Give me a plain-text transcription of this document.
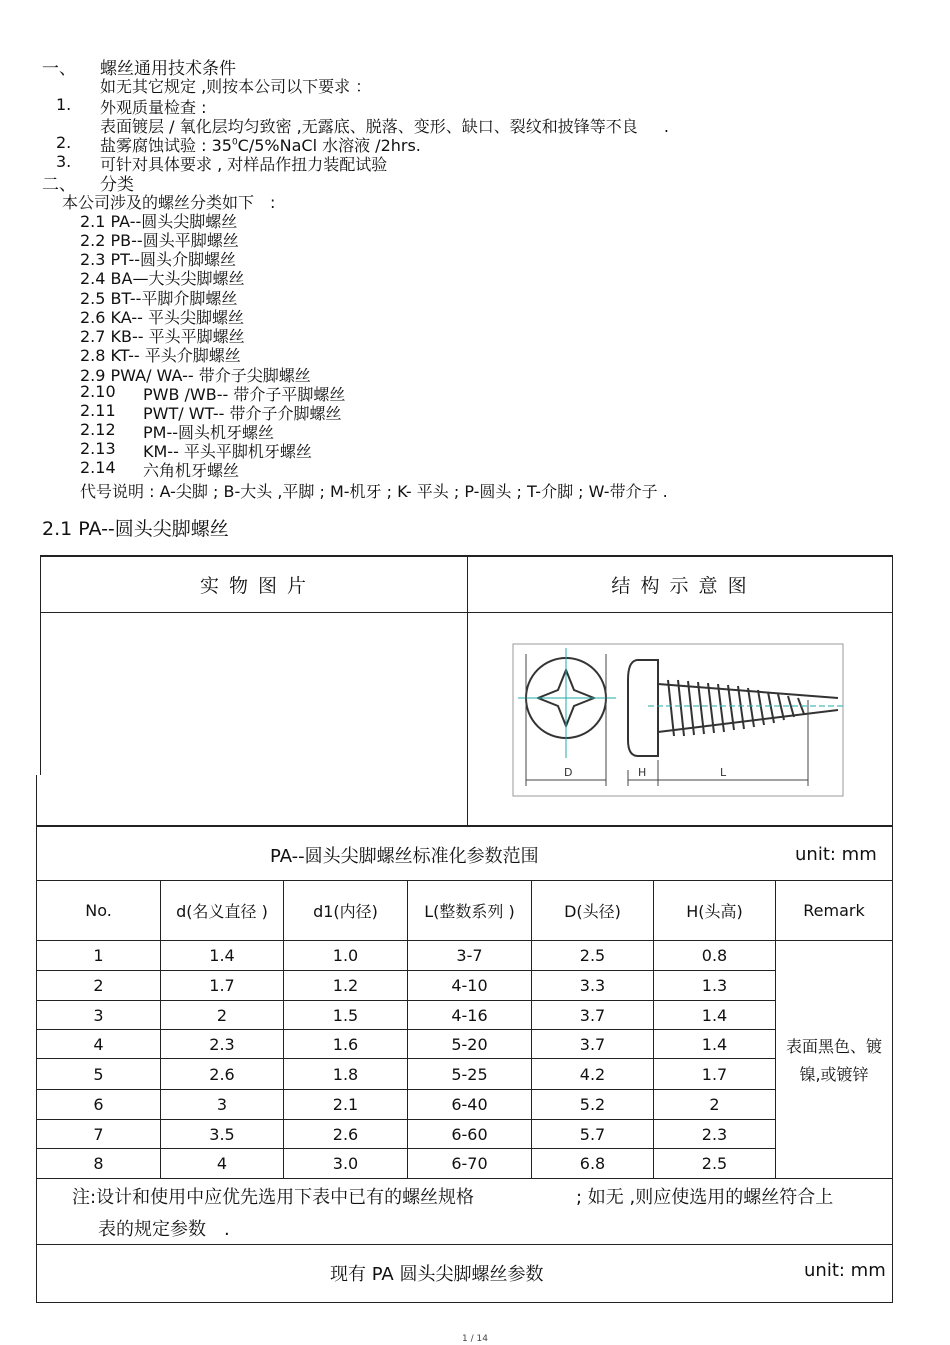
一、 螺丝通用技术条件
如无其它规定 ,则按本公司以下要求 ：
1. 外观质量检查 :
表面镀层 / 氧化层均匀致密 ,无露底、脱落、变形、缺口、裂纹和披锋等不良 　 .
2. 盐雾腐蚀试验 : $35^0C/5\%NaCl$ 水溶液 /2hrs.
3. 可针对具体要求 , 对样品作扭力装配试验
二、 分类
本公司涉及的螺丝分类如下　:
2.1 PA--圆头尖脚螺丝
2.2 PB--圆头平脚螺丝
2.3 PT--圆头介脚螺丝
2.4 BA—大头尖脚螺丝
2.5 BT--平脚介脚螺丝
2.6 KA-- 平头尖脚螺丝
2.7 KB-- 平头平脚螺丝
2.8 KT-- 平头介脚螺丝
2.9 PWA/ WA-- 带介子尖脚螺丝
2.10 PWB /WB-- 带介子平脚螺丝
2.11 PWT/ WT-- 带介子介脚螺丝
2.12 PM--圆头机牙螺丝
2.13 KM-- 平头平脚机牙螺丝
2.14 六角机牙螺丝
代号说明 : A-尖脚 ; B-大头 ,平脚 ; M-机牙 ; K- 平头 ; P-圆头 ; T-介脚 ; W-带介子 .
2.1 PA--圆头尖脚螺丝
实 物 图 片	结 构 示 意 图
D	H	L
PA--圆头尖脚螺丝标准化参数范围	unit: mm
No.	d(名义直径 )	d1(内径)	L(整数系列 )	D(头径)	H(头高)	Remark
1	1.4	1.0	3-7	2.5	0.8
2	1.7	1.2	4-10	3.3	1.3
3	2	1.5	4-16	3.7	1.4
4	2.3	1.6	5-20	3.7	1.4
5	2.6	1.8	5-25	4.2	1.7
6	3	2.1	6-40	5.2	2
7	3.5	2.6	6-60	5.7	2.3
8	4	3.0	6-70	6.8	2.5
表面黑色、镀
镍,或镀锌
注:设计和使用中应优先选用下表中已有的螺丝规格	; 如无 ,则应使选用的螺丝符合上
表的规定参数　.
现有 PA 圆头尖脚螺丝参数	unit: mm
1 / 14
